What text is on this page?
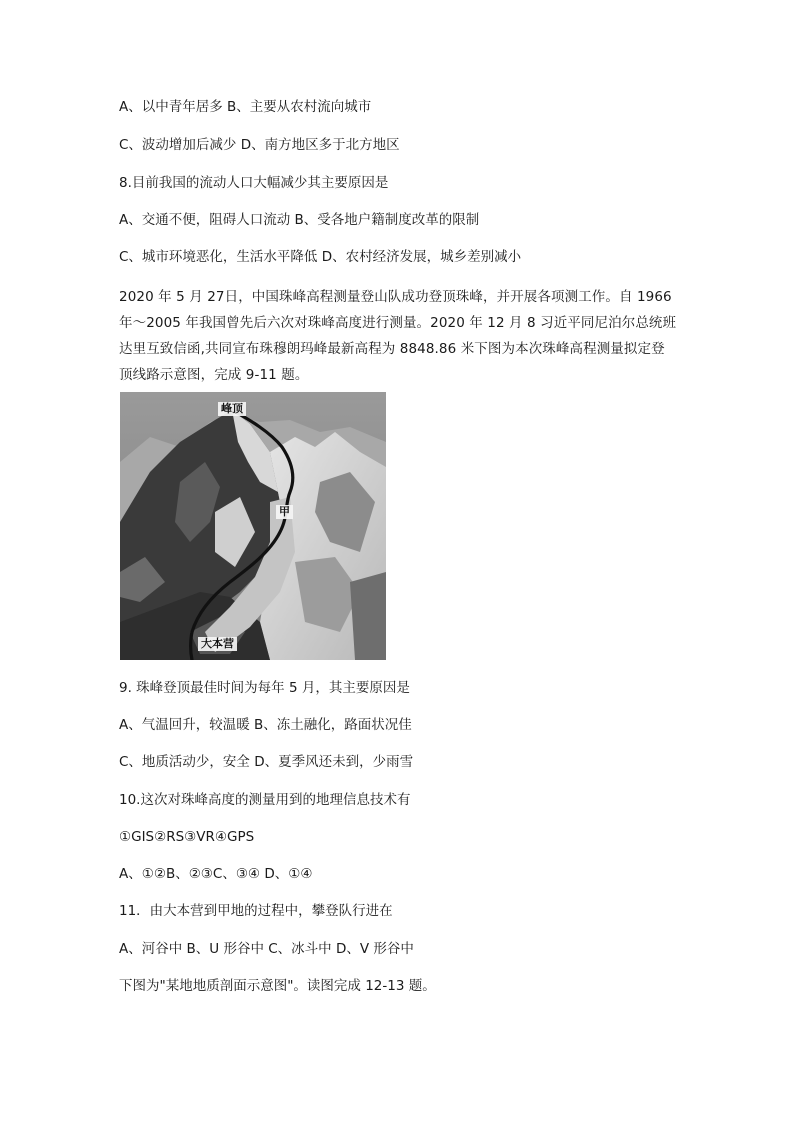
A、以中青年居多 B、主要从农村流向城市
C、波动增加后减少 D、南方地区多于北方地区
8.目前我国的流动人口大幅减少其主要原因是
A、交通不便，阻碍人口流动 B、受各地户籍制度改革的限制
C、城市环境恶化，生活水平降低 D、农村经济发展，城乡差别减小
2020 年 5 月 27日，中国珠峰高程测量登山队成功登顶珠峰，并开展各项测工作。自 1966
年～2005 年我国曾先后六次对珠峰高度进行测量。2020 年 12 月 8 习近平同尼泊尔总统班
达里互致信函,共同宣布珠穆朗玛峰最新高程为 8848.86 米下图为本次珠峰高程测量拟定登
顶线路示意图，完成 9-11 题。
峰顶
甲
大本营
9. 珠峰登顶最佳时间为每年 5 月，其主要原因是
A、气温回升，较温暖 B、冻土融化，路面状况佳
C、地质活动少，安全 D、夏季风还未到，少雨雪
10.这次对珠峰高度的测量用到的地理信息技术有
①GIS②RS③VR④GPS
A、①②B、②③C、③④ D、①④
11．由大本营到甲地的过程中，攀登队行进在
A、河谷中 B、U 形谷中 C、冰斗中 D、V 形谷中
下图为"某地地质剖面示意图"。读图完成 12-13 题。
